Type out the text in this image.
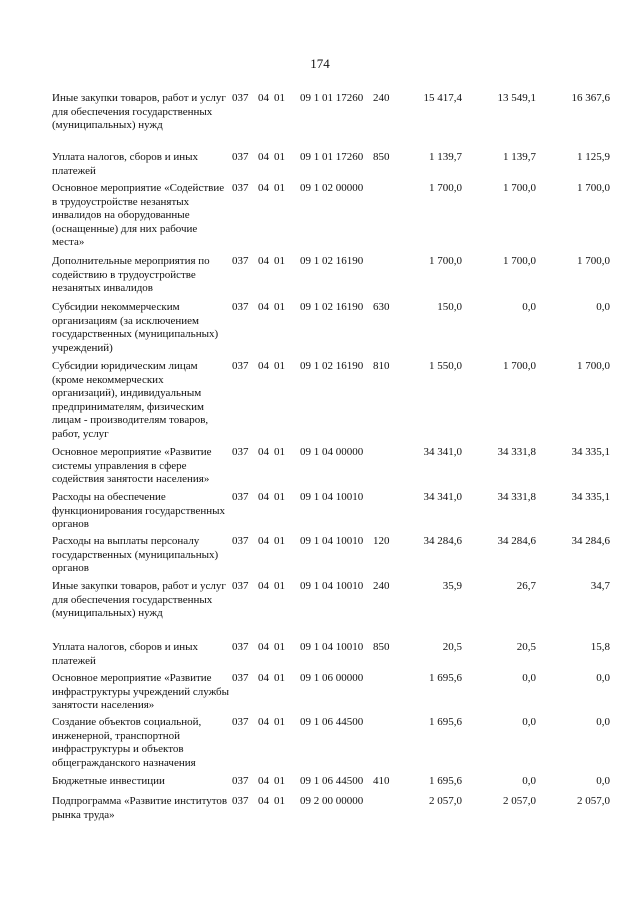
174
Иные закупки товаров, работ и услуг для обеспечения государственных (муниципальных) нужд
037 04 01 09 1 01 17260 240	15 417,4	13 549,1	16 367,6
Уплата налогов, сборов и иных платежей
037 04 01 09 1 01 17260 850	1 139,7	1 139,7	1 125,9
Основное мероприятие «Содействие в трудоустройстве незанятых инвалидов на оборудованные (оснащенные) для них рабочие места»
037 04 01 09 1 02 00000	1 700,0	1 700,0	1 700,0
Дополнительные мероприятия по содействию в трудоустройстве незанятых инвалидов
037 04 01 09 1 02 16190	1 700,0	1 700,0	1 700,0
Субсидии некоммерческим организациям (за исключением государственных (муниципальных) учреждений)
037 04 01 09 1 02 16190 630	150,0	0,0	0,0
Субсидии юридическим лицам (кроме некоммерческих организаций), индивидуальным предпринимателям, физическим лицам - производителям товаров, работ, услуг
037 04 01 09 1 02 16190 810	1 550,0	1 700,0	1 700,0
Основное мероприятие «Развитие системы управления в сфере содействия занятости населения»
037 04 01 09 1 04 00000	34 341,0	34 331,8	34 335,1
Расходы на обеспечение функционирования государственных органов
037 04 01 09 1 04 10010	34 341,0	34 331,8	34 335,1
Расходы на выплаты персоналу государственных (муниципальных) органов
037 04 01 09 1 04 10010 120	34 284,6	34 284,6	34 284,6
Иные закупки товаров, работ и услуг для обеспечения государственных (муниципальных) нужд
037 04 01 09 1 04 10010 240	35,9	26,7	34,7
Уплата налогов, сборов и иных платежей
037 04 01 09 1 04 10010 850	20,5	20,5	15,8
Основное мероприятие «Развитие инфраструктуры учреждений службы занятости населения»
037 04 01 09 1 06 00000	1 695,6	0,0	0,0
Создание объектов социальной, инженерной, транспортной инфраструктуры и объектов общегражданского назначения
037 04 01 09 1 06 44500	1 695,6	0,0	0,0
Бюджетные инвестиции	037 04 01 09 1 06 44500 410	1 695,6	0,0	0,0
Подпрограмма «Развитие институтов рынка труда»
037 04 01 09 2 00 00000	2 057,0	2 057,0	2 057,0
